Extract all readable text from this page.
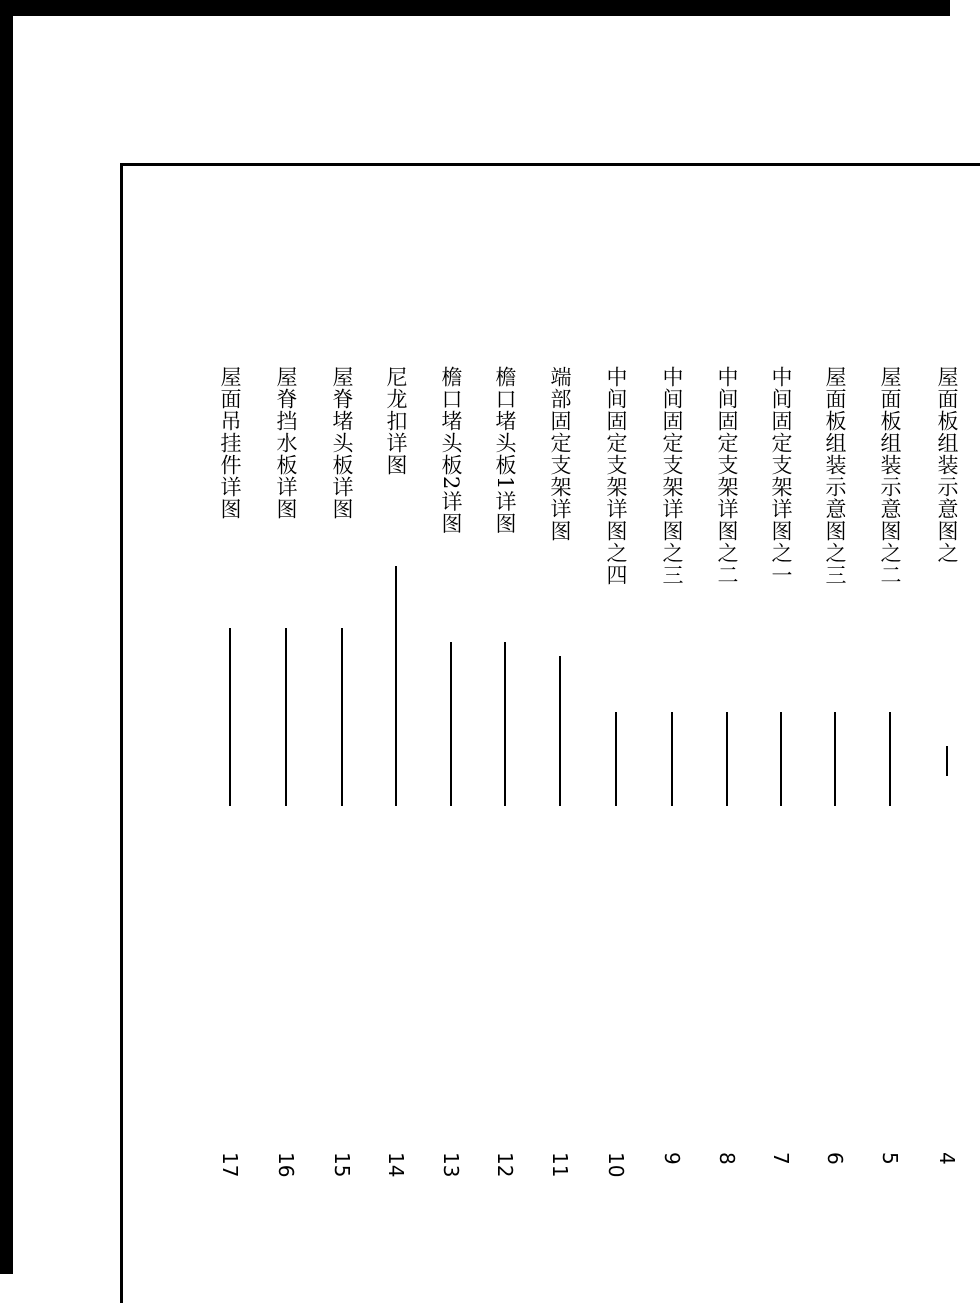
屋面板组装示意图之
4
屋面板组装示意图之二
5
屋面板组装示意图之三
6
中间固定支架详图之一
7
中间固定支架详图之二
8
中间固定支架详图之三
9
中间固定支架详图之四
10
端部固定支架详图
11
檐口堵头板1详图
12
檐口堵头板2详图
13
尼龙扣详图
14
屋脊堵头板详图
15
屋脊挡水板详图
16
屋面吊挂件详图
17
